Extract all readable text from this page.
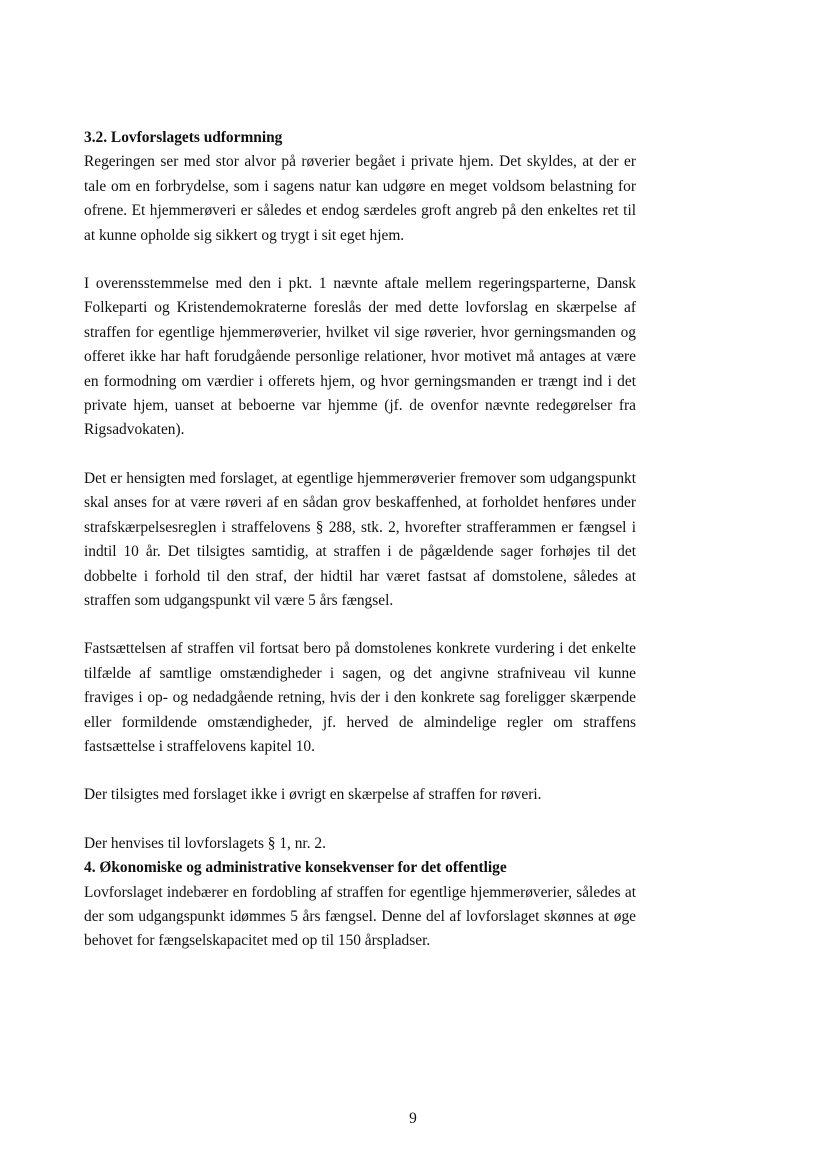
3.2. Lovforslagets udformning

Regeringen ser med stor alvor på røverier begået i private hjem. Det skyldes, at der er tale om en forbrydelse, som i sagens natur kan udgøre en meget voldsom belastning for ofrene. Et hjemmerøveri er således et endog særdeles groft angreb på den enkeltes ret til at kunne opholde sig sikkert og trygt i sit eget hjem.

I overensstemmelse med den i pkt. 1 nævnte aftale mellem regeringsparterne, Dansk Folkeparti og Kristendemokraterne foreslås der med dette lovforslag en skærpelse af straffen for egentlige hjemmerøverier, hvilket vil sige røverier, hvor gerningsmanden og offeret ikke har haft forudgående personlige relationer, hvor motivet må antages at være en formodning om værdier i offerets hjem, og hvor gerningsmanden er trængt ind i det private hjem, uanset at beboerne var hjemme (jf. de ovenfor nævnte redegørelser fra Rigsadvokaten).

Det er hensigten med forslaget, at egentlige hjemmerøverier fremover som udgangspunkt skal anses for at være røveri af en sådan grov beskaffenhed, at forholdet henføres under strafskærpelsesreglen i straffelovens § 288, stk. 2, hvorefter strafferammen er fængsel i indtil 10 år. Det tilsigtes samtidig, at straffen i de pågældende sager forhøjes til det dobbelte i forhold til den straf, der hidtil har været fastsat af domstolene, således at straffen som udgangspunkt vil være 5 års fængsel.

Fastsættelsen af straffen vil fortsat bero på domstolenes konkrete vurdering i det enkelte tilfælde af samtlige omstændigheder i sagen, og det angivne strafniveau vil kunne fraviges i op- og nedadgående retning, hvis der i den konkrete sag foreligger skærpende eller formildende omstændigheder, jf. herved de almindelige regler om straffens fastsættelse i straffelovens kapitel 10.

Der tilsigtes med forslaget ikke i øvrigt en skærpelse af straffen for røveri.

Der henvises til lovforslagets § 1, nr. 2.

4. Økonomiske og administrative konsekvenser for det offentlige

Lovforslaget indebærer en fordobling af straffen for egentlige hjemmerøverier, således at der som udgangspunkt idømmes 5 års fængsel. Denne del af lovforslaget skønnes at øge behovet for fængselskapacitet med op til 150 årspladser.

9
